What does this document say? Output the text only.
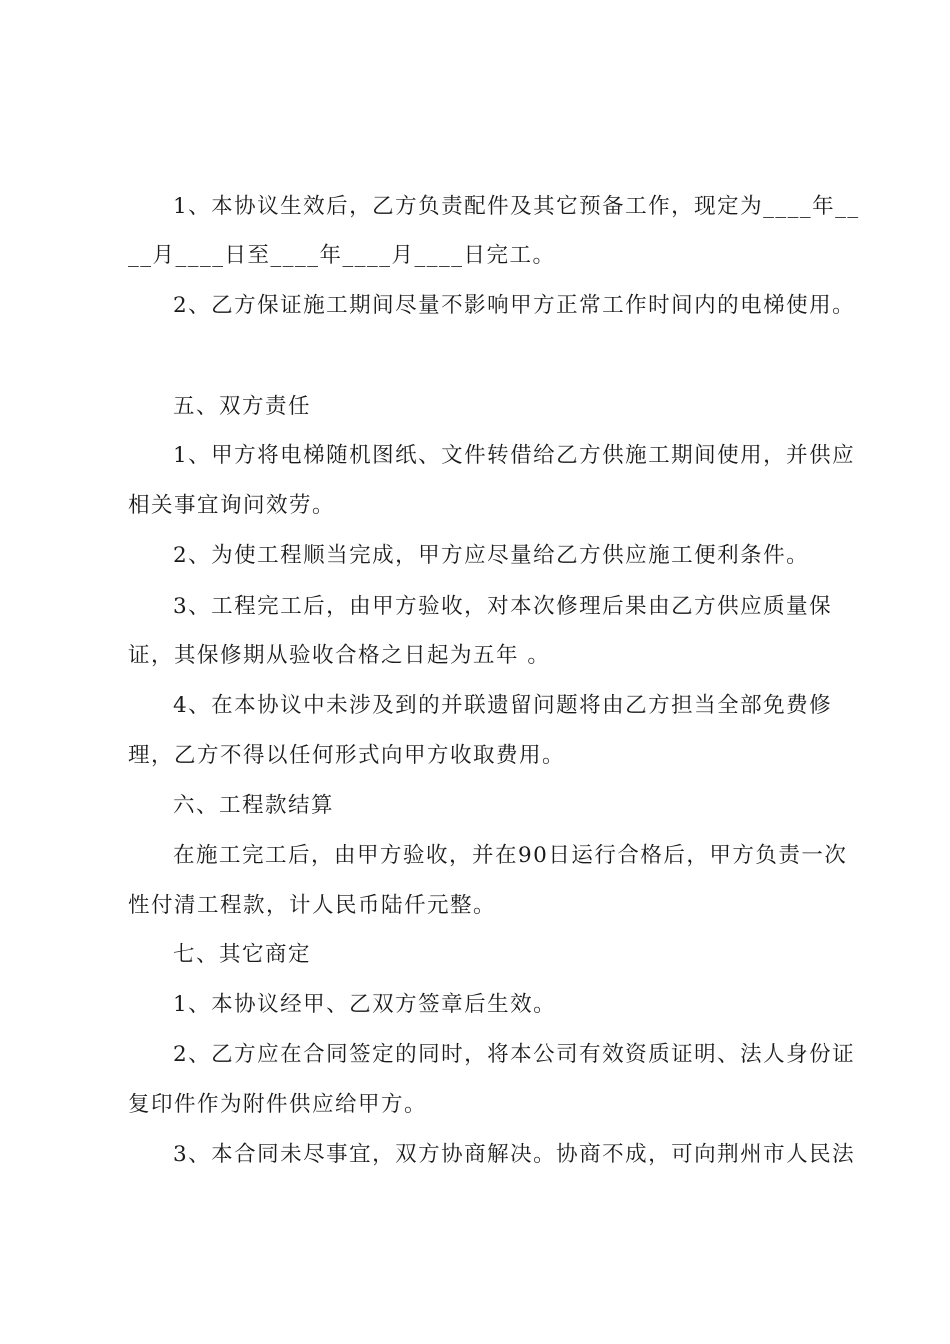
1、本协议生效后，乙方负责配件及其它预备工作，现定为____年__

__月____日至____年____月____日完工。

2、乙方保证施工期间尽量不影响甲方正常工作时间内的电梯使用。

五、双方责任

1、甲方将电梯随机图纸、文件转借给乙方供施工期间使用，并供应

相关事宜询问效劳。

2、为使工程顺当完成，甲方应尽量给乙方供应施工便利条件。

3、工程完工后，由甲方验收，对本次修理后果由乙方供应质量保

证，其保修期从验收合格之日起为五年 。

4、在本协议中未涉及到的并联遗留问题将由乙方担当全部免费修

理，乙方不得以任何形式向甲方收取费用。

六、工程款结算

在施工完工后，由甲方验收，并在90日运行合格后，甲方负责一次

性付清工程款，计人民币陆仟元整。

七、其它商定

1、本协议经甲、乙双方签章后生效。

2、乙方应在合同签定的同时，将本公司有效资质证明、法人身份证

复印件作为附件供应给甲方。

3、本合同未尽事宜，双方协商解决。协商不成，可向荆州市人民法
